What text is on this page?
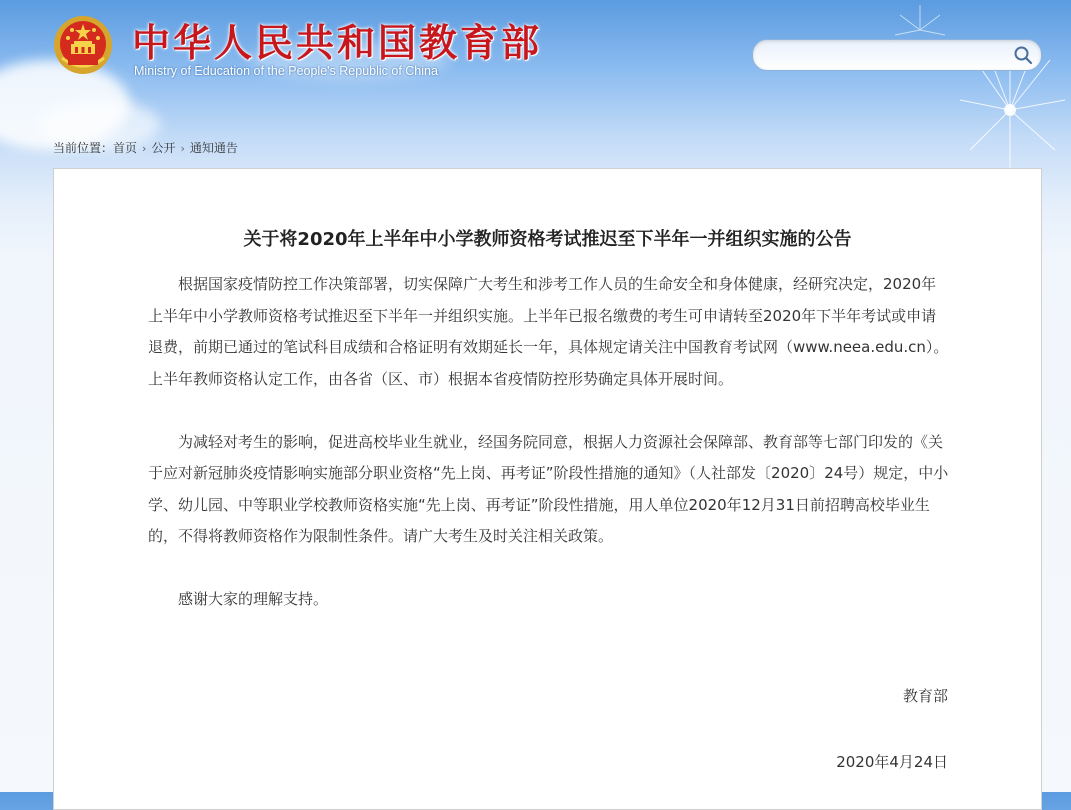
中华人民共和国教育部
Ministry of Education of the People's Republic of China
当前位置：首页 › 公开 › 通知通告
关于将2020年上半年中小学教师资格考试推迟至下半年一并组织实施的公告

根据国家疫情防控工作决策部署，切实保障广大考生和涉考工作人员的生命安全和身体健康，经研究决定，2020年上半年中小学教师资格考试推迟至下半年一并组织实施。上半年已报名缴费的考生可申请转至2020年下半年考试或申请退费，前期已通过的笔试科目成绩和合格证明有效期延长一年，具体规定请关注中国教育考试网（www.neea.edu.cn）。上半年教师资格认定工作，由各省（区、市）根据本省疫情防控形势确定具体开展时间。

为减轻对考生的影响，促进高校毕业生就业，经国务院同意，根据人力资源社会保障部、教育部等七部门印发的《关于应对新冠肺炎疫情影响实施部分职业资格“先上岗、再考证”阶段性措施的通知》（人社部发〔2020〕24号）规定，中小学、幼儿园、中等职业学校教师资格实施“先上岗、再考证”阶段性措施，用人单位2020年12月31日前招聘高校毕业生的，不得将教师资格作为限制性条件。请广大考生及时关注相关政策。

感谢大家的理解支持。

教育部
2020年4月24日
